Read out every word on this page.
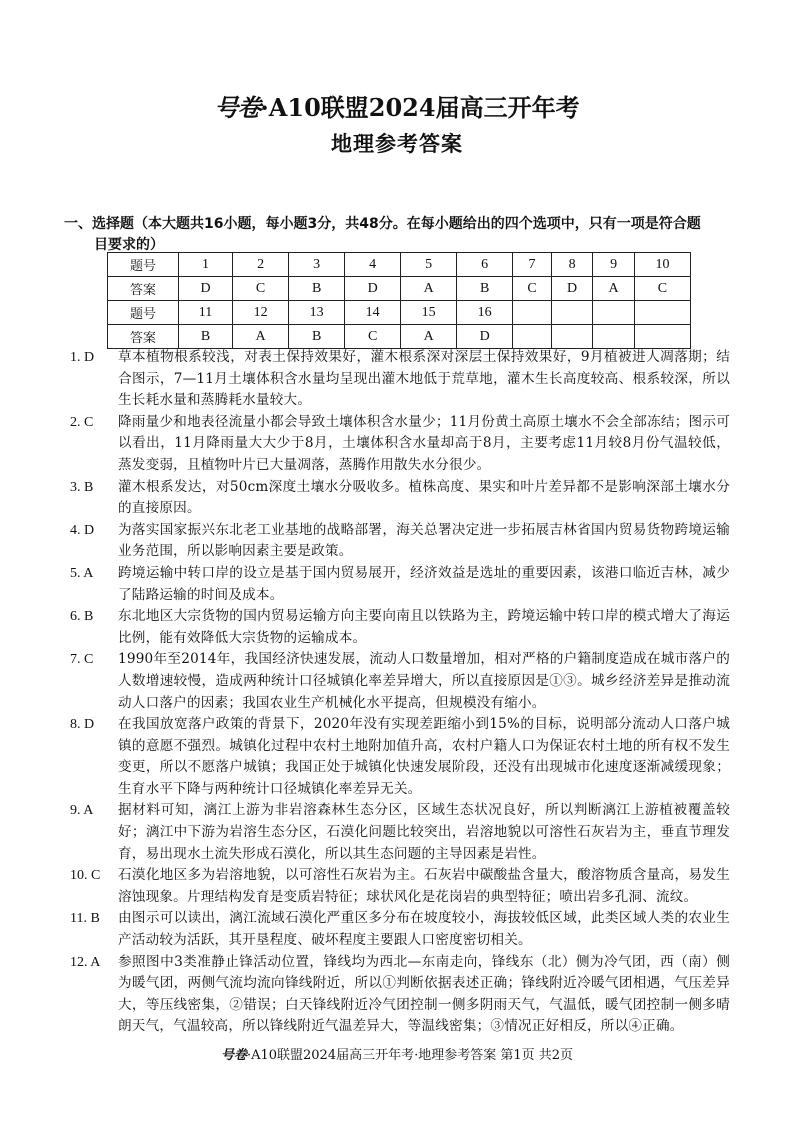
号卷·A10联盟2024届高三开年考
地理参考答案
一、选择题（本大题共16小题，每小题3分，共48分。在每小题给出的四个选项中，只有一项是符合题
目要求的）
题号	1	2	3	4	5	6	7	8	9	10
答案	D	C	B	D	A	B	C	D	A	C
题号	11	12	13	14	15	16				
答案	B	A	B	C	A	D				
1. D	草本植物根系较浅，对表土保持效果好，灌木根系深对深层土保持效果好，9月植被进人凋落期；结合图示，7—11月土壤体积含水量均呈现出灌木地低于荒草地，灌木生长高度较高、根系较深，所以生长耗水量和蒸腾耗水量较大。
2. C	降雨量少和地表径流量小都会导致土壤体积含水量少；11月份黄土高原土壤水不会全部冻结；图示可以看出，11月降雨量大大少于8月，土壤体积含水量却高于8月，主要考虑11月较8月份气温较低，蒸发变弱，且植物叶片已大量凋落，蒸腾作用散失水分很少。
3. B	灌木根系发达，对50cm深度土壤水分吸收多。植株高度、果实和叶片差异都不是影响深部土壤水分的直接原因。
4. D	为落实国家振兴东北老工业基地的战略部署，海关总署决定进一步拓展吉林省国内贸易货物跨境运输业务范围，所以影响因素主要是政策。
5. A	跨境运输中转口岸的设立是基于国内贸易展开，经济效益是选址的重要因素，该港口临近吉林，减少了陆路运输的时间及成本。
6. B	东北地区大宗货物的国内贸易运输方向主要向南且以铁路为主，跨境运输中转口岸的模式增大了海运比例，能有效降低大宗货物的运输成本。
7. C	1990年至2014年，我国经济快速发展，流动人口数量增加，相对严格的户籍制度造成在城市落户的人数增速较慢，造成两种统计口径城镇化率差异增大，所以直接原因是①③。城乡经济差异是推动流动人口落户的因素；我国农业生产机械化水平提高，但规模没有缩小。
8. D	在我国放宽落户政策的背景下，2020年没有实现差距缩小到15%的目标，说明部分流动人口落户城镇的意愿不强烈。城镇化过程中农村土地附加值升高，农村户籍人口为保证农村土地的所有权不发生变更，所以不愿落户城镇；我国正处于城镇化快速发展阶段，还没有出现城市化速度逐渐减缓现象；生育水平下降与两种统计口径城镇化率差异无关。
9. A	据材料可知，漓江上游为非岩溶森林生态分区，区域生态状况良好，所以判断漓江上游植被覆盖较好；漓江中下游为岩溶生态分区，石漠化问题比较突出，岩溶地貌以可溶性石灰岩为主，垂直节理发育，易出现水土流失形成石漠化，所以其生态问题的主导因素是岩性。
10. C	石漠化地区多为岩溶地貌，以可溶性石灰岩为主。石灰岩中碳酸盐含量大，酸溶物质含量高，易发生溶蚀现象。片理结构发育是变质岩特征；球状风化是花岗岩的典型特征；喷出岩多孔洞、流纹。
11. B	由图示可以读出，漓江流域石漠化严重区多分布在坡度较小，海拔较低区域，此类区域人类的农业生产活动较为活跃，其开垦程度、破坏程度主要跟人口密度密切相关。
12. A	参照图中3类准静止锋活动位置，锋线均为西北—东南走向，锋线东（北）侧为冷气团，西（南）侧为暖气团，两侧气流均流向锋线附近，所以①判断依据表述正确；锋线附近冷暖气团相遇，气压差异大，等压线密集，②错误；白天锋线附近冷气团控制一侧多阴雨天气，气温低，暖气团控制一侧多晴朗天气，气温较高，所以锋线附近气温差异大，等温线密集；③情况正好相反，所以④正确。
号卷·A10联盟2024届高三开年考·地理参考答案 第1页 共2页
